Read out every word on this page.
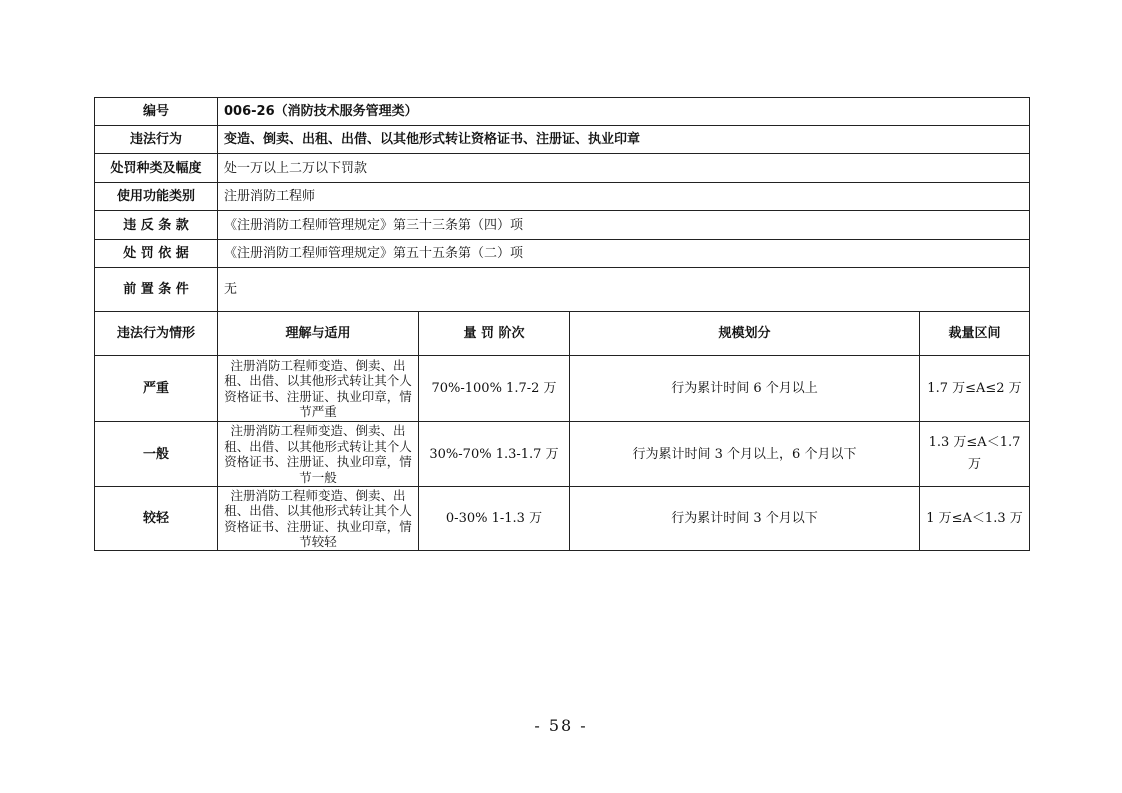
编号	006-26（消防技术服务管理类）			
违法行为	变造、倒卖、出租、出借、以其他形式转让资格证书、注册证、执业印章			
处罚种类及幅度	处一万以上二万以下罚款			
使用功能类别	注册消防工程师			
违 反 条 款	《注册消防工程师管理规定》第三十三条第（四）项			
处 罚 依 据	《注册消防工程师管理规定》第五十五条第（二）项			
前 置 条 件	无			
违法行为情形	理解与适用	量 罚 阶次	规模划分	裁量区间
严重	注册消防工程师变造、倒卖、出租、出借、以其他形式转让其个人资格证书、注册证、执业印章，情节严重	70%-100% 1.7-2 万	行为累计时间 6 个月以上	1.7 万≤A≤2 万
一般	注册消防工程师变造、倒卖、出租、出借、以其他形式转让其个人资格证书、注册证、执业印章，情节一般	30%-70% 1.3-1.7 万	行为累计时间 3 个月以上，6 个月以下	1.3 万≤A＜1.7 万
较轻	注册消防工程师变造、倒卖、出租、出借、以其他形式转让其个人资格证书、注册证、执业印章，情节较轻	0-30% 1-1.3 万	行为累计时间 3 个月以下	1 万≤A＜1.3 万
- 58 -
